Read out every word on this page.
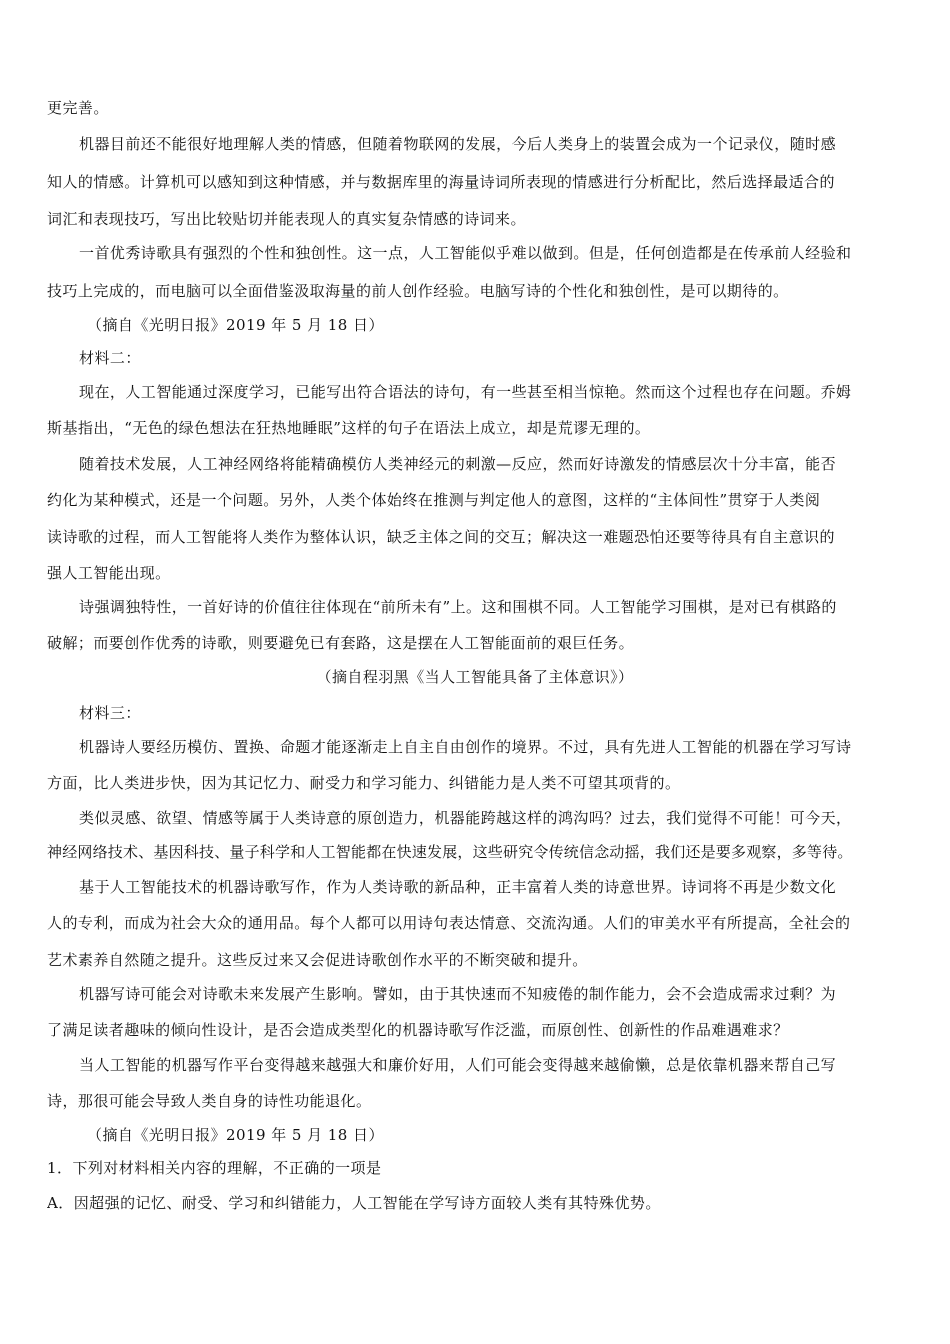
更完善。
机器目前还不能很好地理解人类的情感，但随着物联网的发展，今后人类身上的装置会成为一个记录仪，随时感
知人的情感。计算机可以感知到这种情感，并与数据库里的海量诗词所表现的情感进行分析配比，然后选择最适合的
词汇和表现技巧，写出比较贴切并能表现人的真实复杂情感的诗词来。
一首优秀诗歌具有强烈的个性和独创性。这一点，人工智能似乎难以做到。但是，任何创造都是在传承前人经验和
技巧上完成的，而电脑可以全面借鉴汲取海量的前人创作经验。电脑写诗的个性化和独创性，是可以期待的。
（摘自《光明日报》2019 年 5 月 18 日）
材料二：
现在，人工智能通过深度学习，已能写出符合语法的诗句，有一些甚至相当惊艳。然而这个过程也存在问题。乔姆
斯基指出，“无色的绿色想法在狂热地睡眠”这样的句子在语法上成立，却是荒谬无理的。
随着技术发展，人工神经网络将能精确模仿人类神经元的刺激—反应，然而好诗激发的情感层次十分丰富，能否
约化为某种模式，还是一个问题。另外，人类个体始终在推测与判定他人的意图，这样的“主体间性”贯穿于人类阅
读诗歌的过程，而人工智能将人类作为整体认识，缺乏主体之间的交互；解决这一难题恐怕还要等待具有自主意识的
强人工智能出现。
诗强调独特性，一首好诗的价值往往体现在“前所未有”上。这和围棋不同。人工智能学习围棋，是对已有棋路的
破解；而要创作优秀的诗歌，则要避免已有套路，这是摆在人工智能面前的艰巨任务。
（摘自程羽黑《当人工智能具备了主体意识》）
材料三：
机器诗人要经历模仿、置换、命题才能逐渐走上自主自由创作的境界。不过，具有先进人工智能的机器在学习写诗
方面，比人类进步快，因为其记忆力、耐受力和学习能力、纠错能力是人类不可望其项背的。
类似灵感、欲望、情感等属于人类诗意的原创造力，机器能跨越这样的鸿沟吗？过去，我们觉得不可能！可今天，
神经网络技术、基因科技、量子科学和人工智能都在快速发展，这些研究令传统信念动摇，我们还是要多观察，多等待。
基于人工智能技术的机器诗歌写作，作为人类诗歌的新品种，正丰富着人类的诗意世界。诗词将不再是少数文化
人的专利，而成为社会大众的通用品。每个人都可以用诗句表达情意、交流沟通。人们的审美水平有所提高，全社会的
艺术素养自然随之提升。这些反过来又会促进诗歌创作水平的不断突破和提升。
机器写诗可能会对诗歌未来发展产生影响。譬如，由于其快速而不知疲倦的制作能力，会不会造成需求过剩？为
了满足读者趣味的倾向性设计，是否会造成类型化的机器诗歌写作泛滥，而原创性、创新性的作品难遇难求？
当人工智能的机器写作平台变得越来越强大和廉价好用，人们可能会变得越来越偷懒，总是依靠机器来帮自己写
诗，那很可能会导致人类自身的诗性功能退化。
（摘自《光明日报》2019 年 5 月 18 日）
1．下列对材料相关内容的理解，不正确的一项是
A．因超强的记忆、耐受、学习和纠错能力，人工智能在学写诗方面较人类有其特殊优势。
